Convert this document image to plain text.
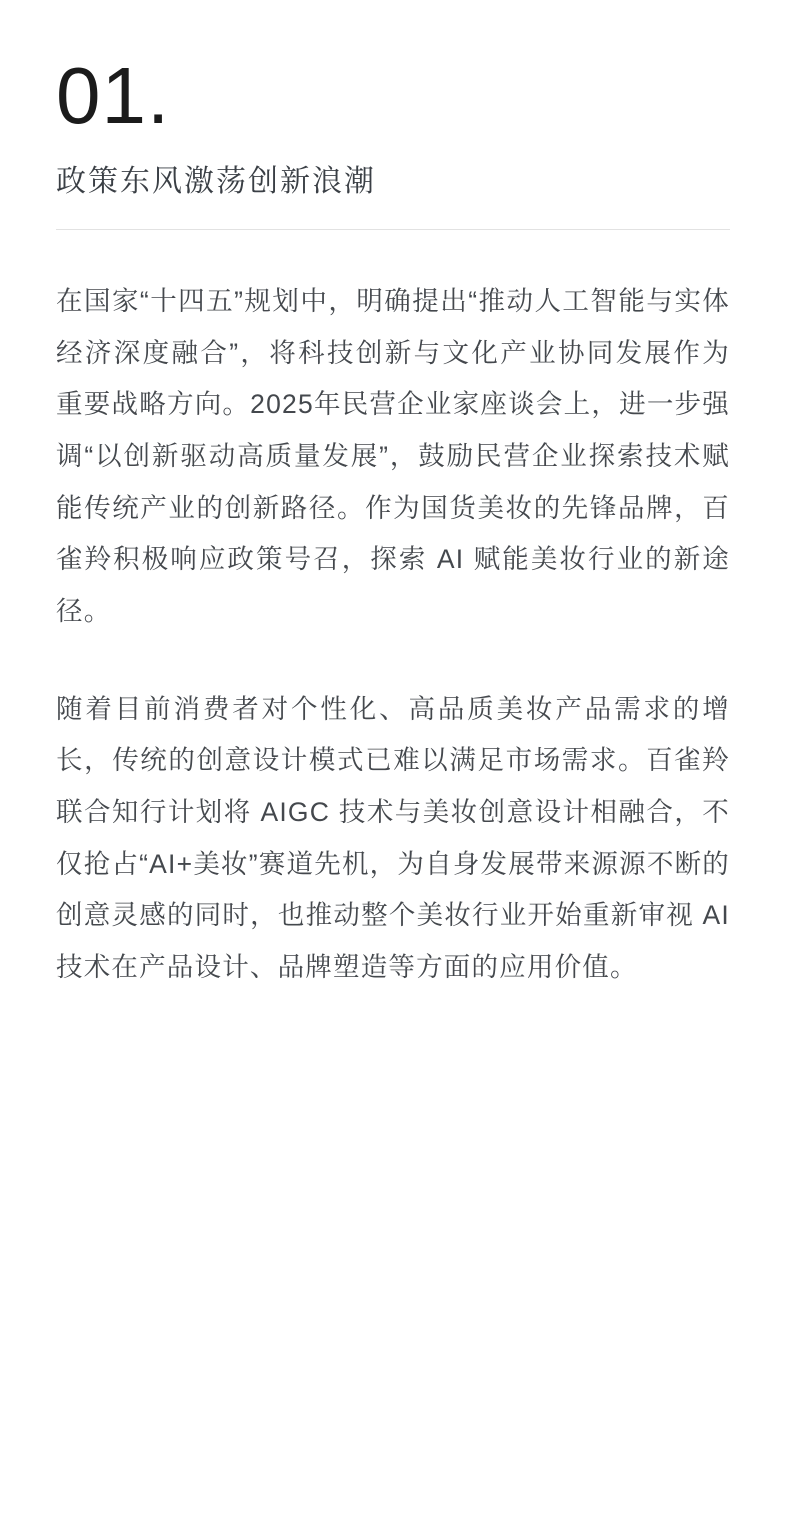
01.
政策东风激荡创新浪潮

在国家“十四五”规划中，明确提出“推动人工智能与实体经济深度融合”，将科技创新与文化产业协同发展作为重要战略方向。2025年民营企业家座谈会上，进一步强调“以创新驱动高质量发展”，鼓励民营企业探索技术赋能传统产业的创新路径。作为国货美妆的先锋品牌，百雀羚积极响应政策号召，探索 AI 赋能美妆行业的新途径。

随着目前消费者对个性化、高品质美妆产品需求的增长，传统的创意设计模式已难以满足市场需求。百雀羚联合知行计划将 AIGC 技术与美妆创意设计相融合，不仅抢占“AI+美妆”赛道先机，为自身发展带来源源不断的创意灵感的同时，也推动整个美妆行业开始重新审视 AI 技术在产品设计、品牌塑造等方面的应用价值。
